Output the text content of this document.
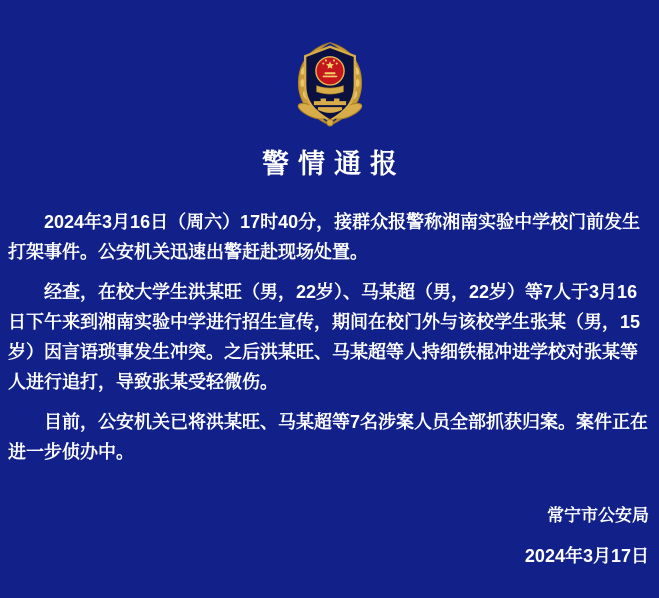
警情通报

2024年3月16日（周六）17时40分，接群众报警称湘南实验中学校门前发生打架事件。公安机关迅速出警赶赴现场处置。

经查，在校大学生洪某旺（男，22岁）、马某超（男，22岁）等7人于3月16日下午来到湘南实验中学进行招生宣传，期间在校门外与该校学生张某（男，15岁）因言语琐事发生冲突。之后洪某旺、马某超等人持细铁棍冲进学校对张某等人进行追打，导致张某受轻微伤。

目前，公安机关已将洪某旺、马某超等7名涉案人员全部抓获归案。案件正在进一步侦办中。

常宁市公安局
2024年3月17日
